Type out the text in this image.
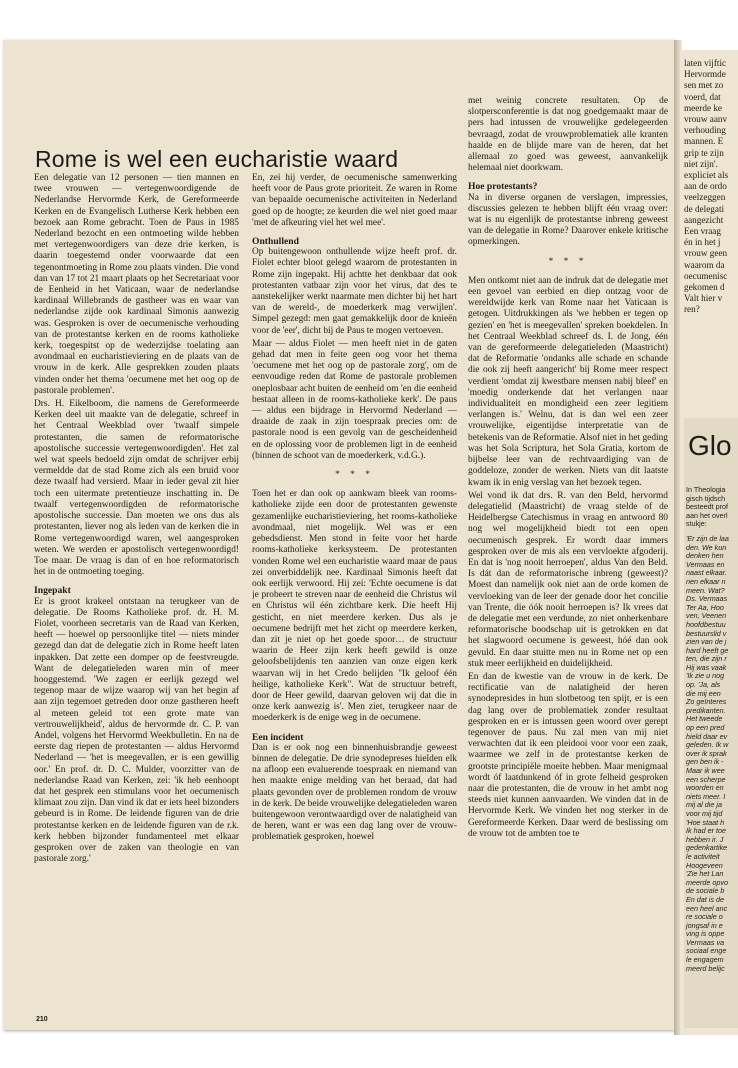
Rome is wel een eucharistie waard

Een delegatie van 12 personen — tien mannen en twee vrouwen — vertegenwoordigende de Nederlandse Hervormde Kerk, de Gereformeerde Kerken en de Evangelisch Lutherse Kerk hebben een bezoek aan Rome gebracht. Toen de Paus in 1985 Nederland bezocht en een ontmoeting wilde hebben met vertegenwoordigers van deze drie kerken, is daarin toegestemd onder voorwaarde dat een tegenontmoeting in Rome zou plaats vinden. Die vond dan van 17 tot 21 maart plaats op het Secretariaat voor de Eenheid in het Vaticaan, waar de nederlandse kardinaal Willebrands de gastheer was en waar van nederlandse zijde ook kardinaal Simonis aanwezig was. Gesproken is over de oecumenische verhouding van de protestantse kerken en de rooms katholieke kerk, toegespitst op de wederzijdse toelating aan avondmaal en eucharistieviering en de plaats van de vrouw in de kerk. Alle gesprekken zouden plaats vinden onder het thema 'oecumene met het oog op de pastorale problemen'.

Drs. H. Eikelboom, die namens de Gereformeerde Kerken deel uit maakte van de delegatie, schreef in het Centraal Weekblad over 'twaalf simpele protestanten, die samen de reformatorische apostolische successie vertegenwoordigden'. Het zal wel wat speels bedoeld zijn omdat de schrijver erbij vermeldde dat de stad Rome zich als een bruid voor deze twaalf had versierd. Maar in ieder geval zit hier toch een uitermate pretentieuze inschatting in. De twaalf vertegenwoordigden de reformatorische apostolische successie. Dan moeten we ons dus als protestanten, liever nog als leden van de kerken die in Rome vertegenwoordigd waren, wel aangesproken weten. We werden er apostolisch vertegenwoordigd! Toe maar. De vraag is dan of en hoe reformatorisch het in de ontmoeting toeging.

Ingepakt

Er is groot krakeel ontstaan na terugkeer van de delegatie. De Rooms Katholieke prof. dr. H. M. Fiolet, voorheen secretaris van de Raad van Kerken, heeft — hoewel op persoonlijke titel — niets minder gezegd dan dat de delegatie zich in Rome heeft laten inpakken. Dat zette een domper op de feestvreugde. Want de delegatieleden waren min of meer hooggestemd. 'We zagen er eerlijk gezegd wel tegenop maar de wijze waarop wij van het begin af aan zijn tegemoet getreden door onze gastheren heeft al meteen geleid tot een grote mate van vertrouwelijkheid', aldus de hervormde dr. C. P. van Andel, volgens het Hervormd Weekbulletin. En na de eerste dag riepen de protestanten — aldus Hervormd Nederland — 'het is meegevallen, er is een gewillig oor.' En prof. dr. D. C. Mulder, voorzitter van de nederlandse Raad van Kerken, zei: 'ik heb eenhoopt dat het gesprek een stimulans voor het oecumenisch klimaat zou zijn. Dan vind ik dat er iets heel bizonders gebeurd is in Rome. De leidende figuren van de drie protestantse kerken en de leidende figuren van de r.k. kerk hebben bijzonder fundamenteel met elkaar gesproken over de zaken van theologie en van pastorale zorg.'

En, zei hij verder, de oecumenische samenwerking heeft voor de Paus grote prioriteit. Ze waren in Rome van bepaalde oecumenische activiteiten in Nederland goed op de hoogte; ze keurden die wel niet goed maar 'met de afkeuring viel het wel mee'.

Onthullend

Op buitengewoon onthullende wijze heeft prof. dr. Fiolet echter bloot gelegd waarom de protestanten in Rome zijn ingepakt. Hij achtte het denkbaar dat ook protestanten vatbaar zijn voor het virus, dat des te aanstekelijker werkt naarmate men dichter bij het hart van de wereld-, de moederkerk mag verwijlen'. Simpel gezegd: men gaat gemakkelijk door de knieën voor de 'eer', dicht bij de Paus te mogen vertoeven.

Maar — aldus Fiolet — men heeft niet in de gaten gehad dat men in feite geen oog voor het thema 'oecumene met het oog op de pastorale zorg', om de eenvoudige reden dat Rome de pastorale problemen oneplosbaar acht buiten de eenheid om 'en die eenheid bestaat alleen in de rooms-katholieke kerk'. De paus — aldus een bijdrage in Hervormd Nederland — draaide de zaak in zijn toespraak precies om: de pastorale nood is een gevolg van de gescheidenheid en de oplossing voor de problemen ligt in de eenheid (binnen de schoot van de moederkerk, v.d.G.).

* * *

Toen het er dan ook op aankwam bleek van rooms-katholieke zijde een door de protestanten gewenste gezamenlijke eucharistieviering, het rooms-katholieke avondmaal, niet mogelijk. Wel was er een gebedsdienst. Men stond in feite voor het harde rooms-katholieke kerksysteem. De protestanten vonden Rome wel een eucharistie waard maar de paus zei onverbiddelijk nee. Kardinaal Simonis heeft dat ook eerlijk verwoord. Hij zei: 'Echte oecumene is dat je probeert te streven naar de eenheid die Christus wil en Christus wil één zichtbare kerk. Die heeft Hij gesticht, en niet meerdere kerken. Dus als je oecumene bedrijft met het zicht op meerdere kerken, dan zit je niet op het goede spoor… de structuur waarin de Heer zijn kerk heeft gewild is onze geloofsbelijdenis ten aanzien van onze eigen kerk waarvan wij in het Credo belijden "Ik geloof één heilige, katholieke Kerk". Wat de structuur betreft, door de Heer gewild, daarvan geloven wij dat die in onze kerk aanwezig is'. Men ziet, terugkeer naar de moederkerk is de enige weg in de oecumene.

Een incident

Dan is er ook nog een binnenhuisbrandje geweest binnen de delegatie. De drie synodepreses hielden elk na afloop een evaluerende toespraak en niemand van hen maakte enige melding van het beraad, dat had plaats gevonden over de problemen rondom de vrouw in de kerk. De beide vrouwelijke delegatieleden waren buitengewoon verontwaardigd over de nalatigheid van de heren, want er was een dag lang over de vrouw-problematiek gesproken, hoewel

met weinig concrete resultaten. Op de slotpersconferentie is dat nog goedgemaakt maar de pers had intussen de vrouwelijke gedelegeerden bevraagd, zodat de vrouwproblematiek alle kranten haalde en de blijde mare van de heren, dat het allemaal zo goed was geweest, aanvankelijk helemaal niet doorkwam.

Hoe protestants?

Na in diverse organen de verslagen, impressies, discussies gelezen te hebben blijft één vraag over: wat is nu eigenlijk de protestantse inbreng geweest van de delegatie in Rome? Daarover enkele kritische opmerkingen.

* * *

Men ontkomt niet aan de indruk dat de delegatie met een gevoel van eerbied en diep ontzag voor de wereldwijde kerk van Rome naar het Vaticaan is getogen. Uitdrukkingen als 'we hebben er tegen op gezien' en 'het is meegevallen' spreken boekdelen. In het Centraal Weekblad schreef ds. I. de Jong, één van de gereformeerde delegatieleden (Maastricht) dat de Reformatie 'ondanks alle schade en schande die ook zij heeft aangericht' bij Rome meer respect verdient 'omdat zij kwestbare mensen nabij bleef' en 'moedig onderkende dat het verlangen naar individualiteit en mondigheid een zeer legitiem verlangen is.' Welnu, dat is dan wel een zeer vrouwelijke, eigentijdse interpretatie van de betekenis van de Reformatie. Alsof niet in het geding was het Sola Scriptura, het Sola Gratia, kortom de bijbelse leer van de rechtvaardiging van de goddeloze, zonder de werken. Niets van dit laatste kwam ik in enig verslag van het bezoek tegen.

Wel vond ik dat drs. R. van den Beld, hervormd delegatielid (Maastricht) de vraag stelde of de Heidelbergse Catechismus in vraag en antwoord 80 nog wel mogelijkheid biedt tot een open oecumenisch gesprek. Er wordt daar immers gesproken over de mis als een vervloekte afgoderij. En dat is 'nog nooit herroepen', aldus Van den Beld. Is dát dan de reformatorische inbreng (geweest)? Moest dan namelijk ook niet aan de orde komen de vervloeking van de leer der genade door het concilie van Trente, die óók nooit herroepen is? Ik vrees dat de delegatie met een verdunde, zo niet onherkenbare reformatorische boodschap uit is getrokken en dat het slagwoord oecumene is geweest, hóé dan ook gevuld. En daar stuitte men nu in Rome net op een stuk meer eerlijkheid en duidelijkheid.

En dan de kwestie van de vrouw in de kerk. De rectificatie van de nalatigheid der heren synodepresides in hun slotbetoog ten spijt, er is een dag lang over de problematiek zonder resultaat gesproken en er is intussen geen woord over gerept tegenover de paus. Nu zal men van mij niet verwachten dat ik een pleidooi voor voor een zaak, waarmee we zelf in de protestantse kerken de grootste principiële moeite hebben. Maar menigmaal wordt óf laatdunkend óf in grote felheid gesproken naar die protestanten, die de vrouw in het ambt nog steeds niet kunnen aanvaarden. We vinden dat in de Hervormde Kerk. We vinden het nog sterker in de Gereformeerde Kerken. Daar werd de beslissing om de vrouw tot de ambten toe te

laten vijftic
Hervormde
sen met zo
voerd, dat
meerde ke
vrouw aanv
verhouding
mannen. E
grip te zijn
niet zijn'.
expliciet als
aan de ordo
veelzeggen
de delegati
aangezicht
Een vraag
én in het j
vrouw geen
waarom da
oecumenisc
gekomen d
Valt hier v
ren?
Glo
In Theologia
gisch tijdsch
besteedt prof
aan het overl
stukje:
'Er zijn de laa
den. We kun
denken hen
Vermaas en
naast elkaar.
nen elkaar n
meen. Wat?
Ds. Vermaas
Ter Aa, Hoo
ven, Veenen
hoofdbestuu
bestuurslid v
zien van de j
hard heeft ge
ten, die zijn r
Hij was vaak
'Ik zie u nog
op. 'Ja, als
die mij een
Zo geïnteres
predikanten.
Het tweede
op een pred
hield daar ev
geleden. Ik w
over ik sprak
gen ben ik -
Maar ik wee
een scherpe
woorden en
niets meer. I
mij al die ja
voor mij tijd
'Hoe staat h
Ik had er toe
hebben ir. J
gedenkartike
le activiteit
Hoogeveen
'Zie het Lan
meerde opvo
de sociale b
En dat is de
een heel anc
re sociale o
jongsaf in e
ving is oppe
Vermaas va
sociaal enge
le engagem
meerd belijc
210
